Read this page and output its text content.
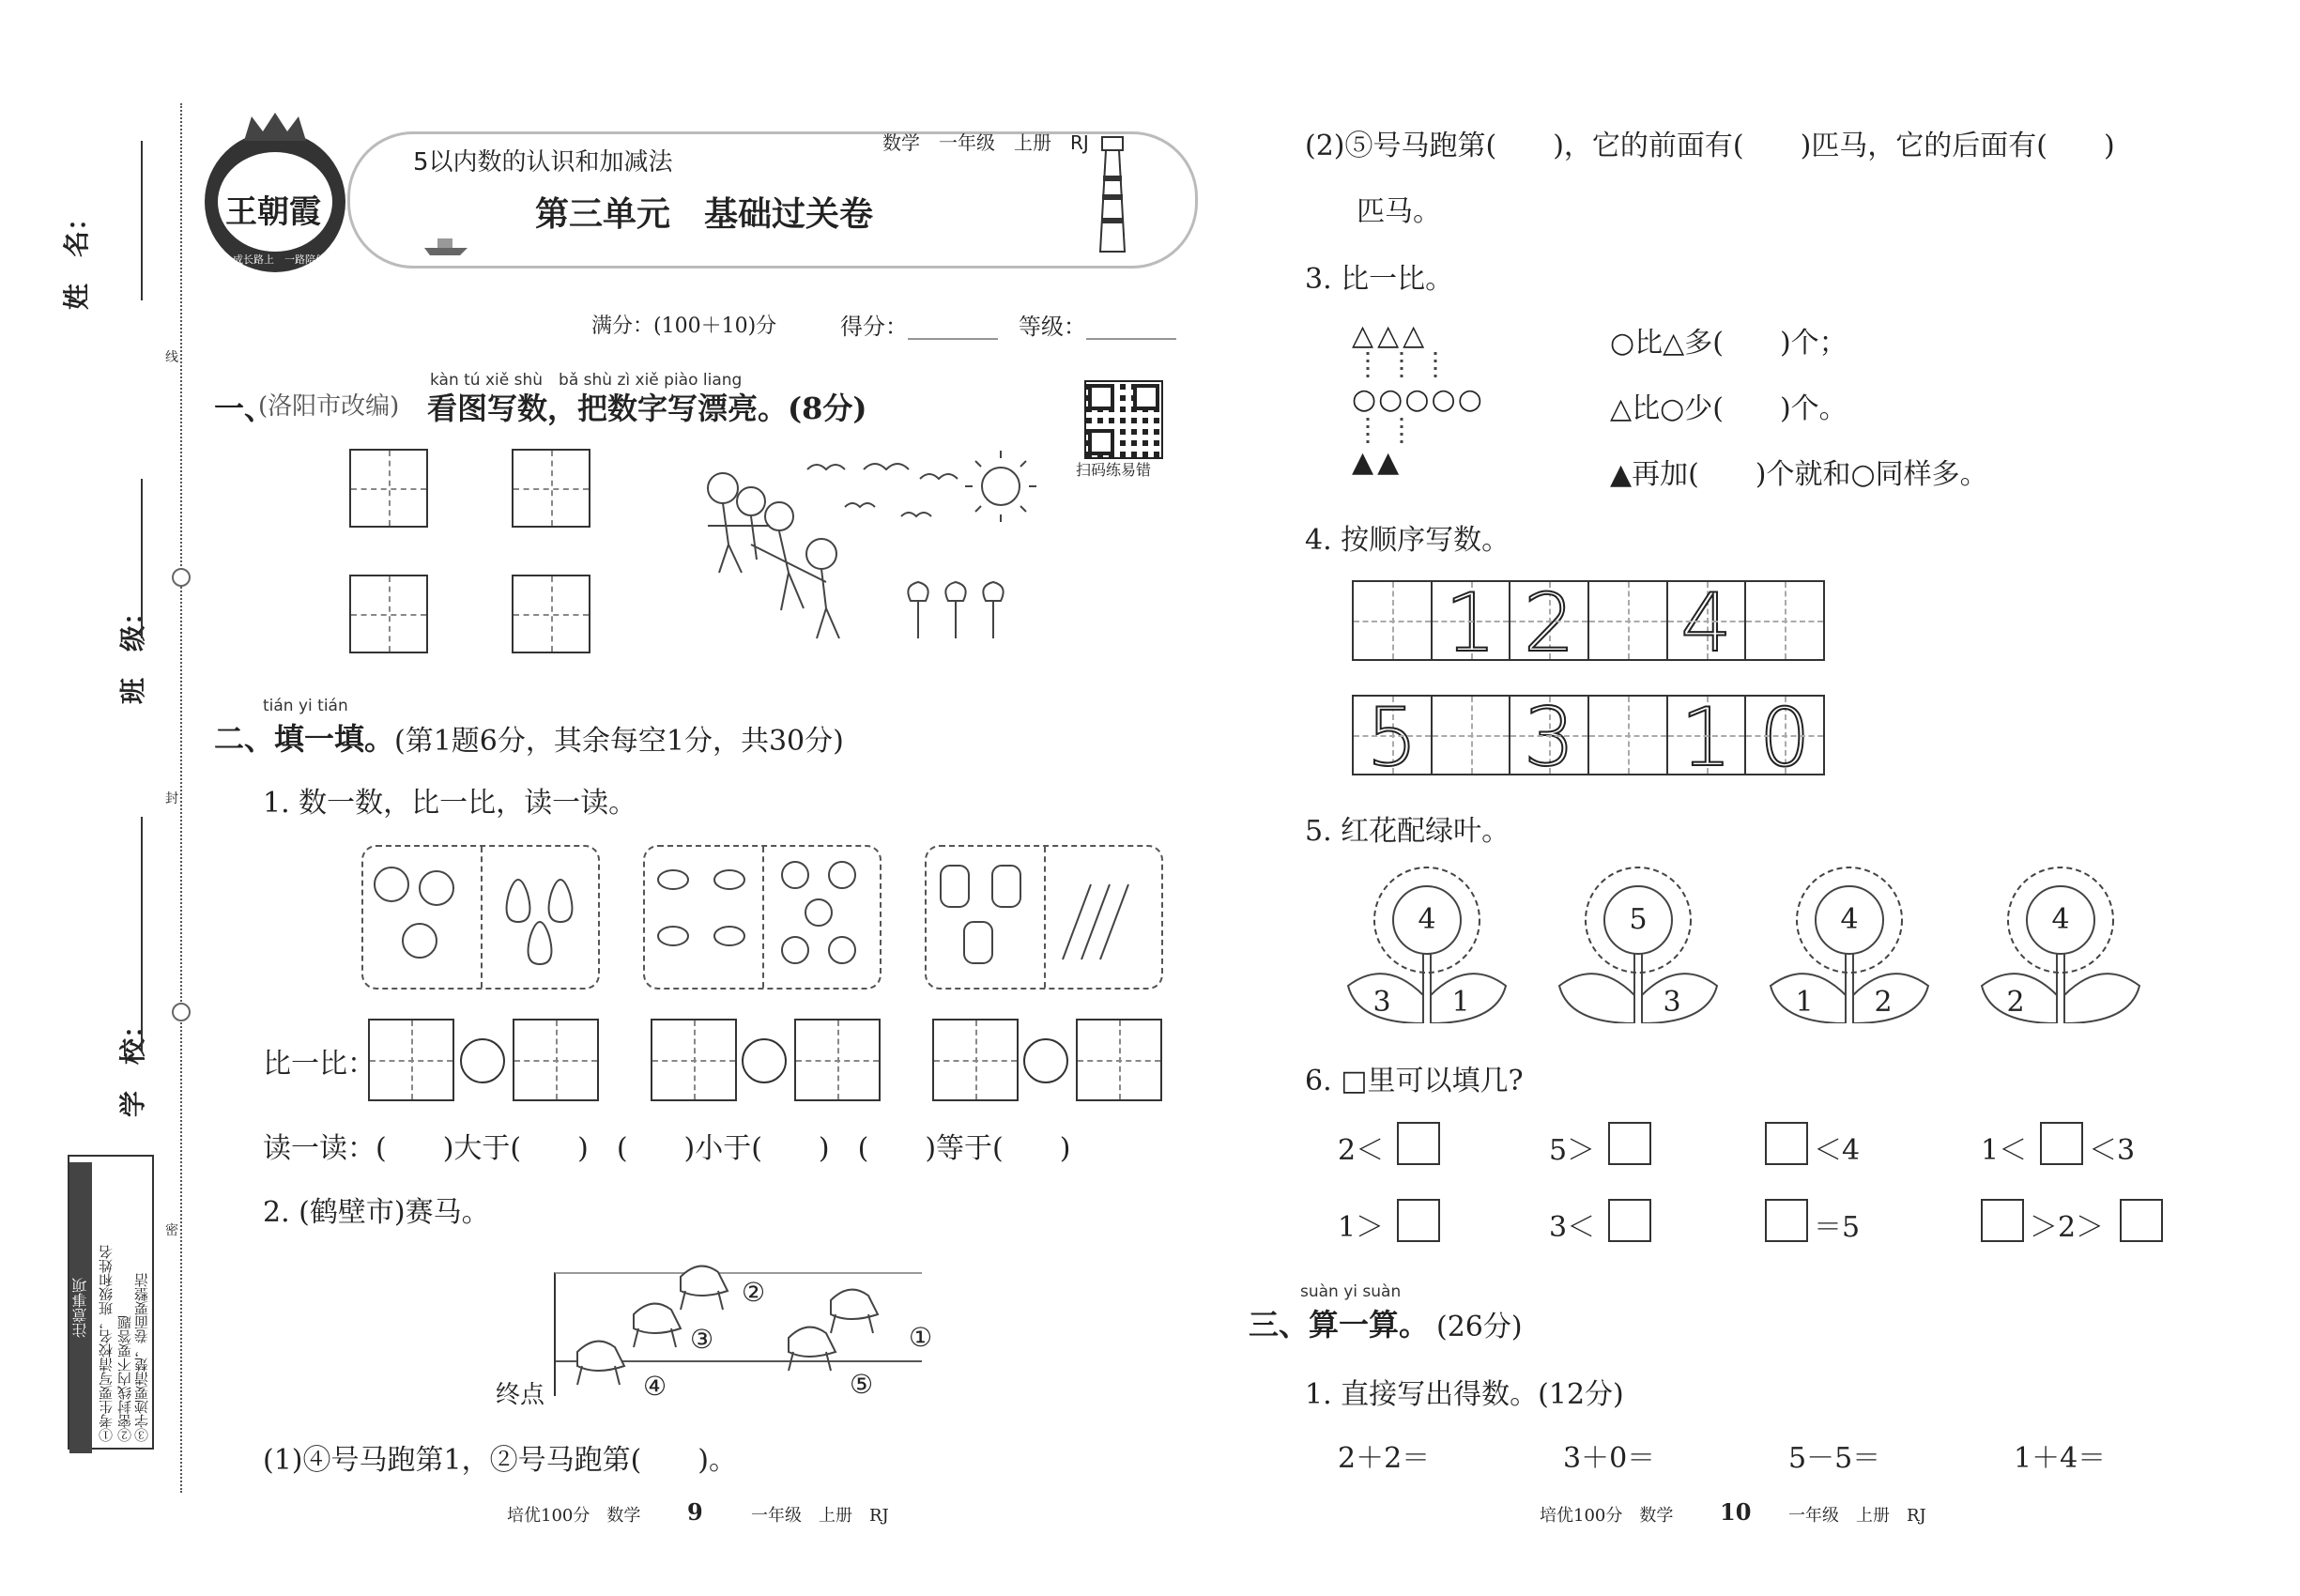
姓　名：
班　级：
学　校：
线
封
密
注意事项 ①考生要写清校名，班级和姓名 ②密封线内不要答题 ③字迹要清楚，卷面要整洁
王朝霞
成长路上　一路陪伴
5以内数的认识和加减法
数学　一年级　上册　RJ
第三单元　基础过关卷
满分：(100＋10)分	得分：________ 等级：________
扫码练易错
kàn tú xiě shù　bǎ shù zì xiě piào liang
一、
(洛阳市改编) 看图写数，把数字写漂亮。(8分)
tián yi tián
二、填一填。 (第1题6分，其余每空1分，共30分)
1. 数一数，比一比，读一读。
比一比：
读一读：(　　)大于(　　)　(　　)小于(　　)　(　　)等于(　　)
2. (鹤壁市)赛马。
终点
②
③
④	⑤
①
(1)④号马跑第1，②号马跑第(　　)。
培优100分　数学 9	一年级　上册　RJ
(2)⑤号马跑第(　　)，它的前面有(　　)匹马，它的后面有(　　)
匹马。
3. 比一比。
△△△
○○○○○
▲▲
○比△多(　　)个；
△比○少(　　)个。
▲再加(　　)个就和○同样多。
4. 按顺序写数。
1 2 4
5 3 1 0
5. 红花配绿叶。
4
3	1
5
3
4
1	2
4
2
6. □里可以填几?
2＜	5＞	＜4	1＜ ＜3
1＞	3＜	＝5	＞2＞
suàn yi suàn
三、算一算。 (26分)
1. 直接写出得数。(12分)
2＋2＝	3＋0＝	5－5＝	1＋4＝
培优100分　数学 10 一年级　上册　RJ
